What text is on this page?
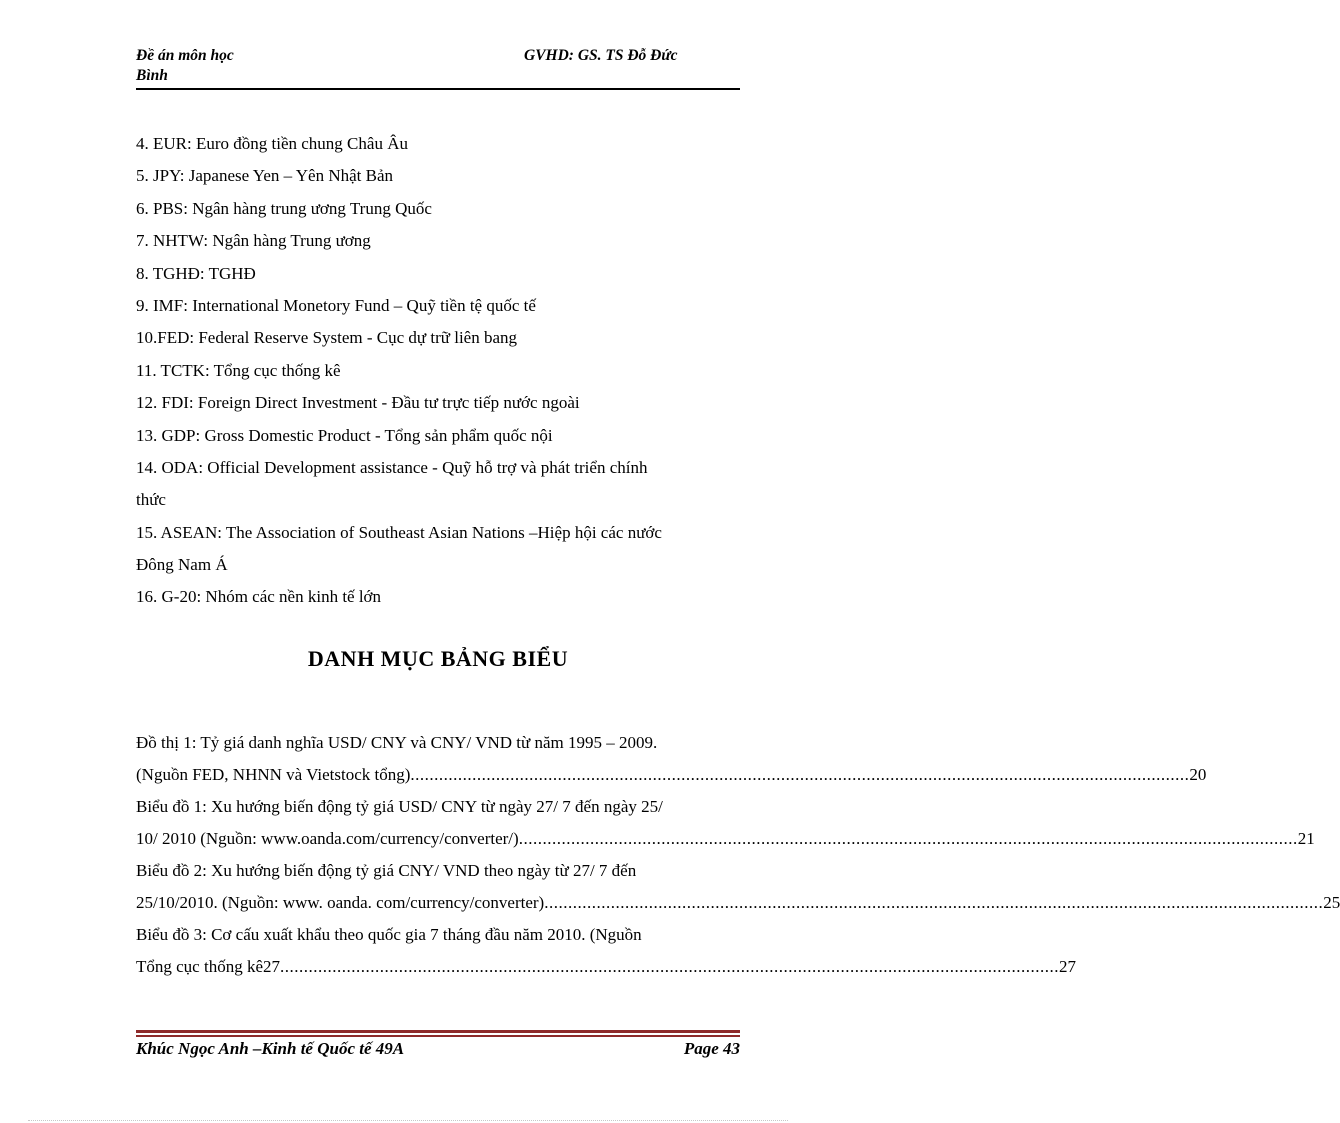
Đề án môn học
Bình
GVHD: GS. TS Đỗ Đức
4. EUR: Euro đồng tiền chung Châu Âu
5. JPY: Japanese Yen – Yên Nhật Bản
6. PBS: Ngân hàng trung ương Trung Quốc
7. NHTW: Ngân hàng Trung ương
8. TGHĐ: TGHĐ
9. IMF: International Monetory Fund – Quỹ tiền tệ quốc tế
10.FED: Federal Reserve System - Cục dự trữ liên bang
11. TCTK: Tổng cục thống kê
12. FDI: Foreign Direct Investment - Đầu tư trực tiếp nước ngoài
13. GDP: Gross Domestic Product - Tổng sản phẩm quốc nội
14. ODA: Official Development assistance - Quỹ hỗ trợ và phát triển chính
thức
15. ASEAN: The Association of Southeast Asian Nations –Hiệp hội các nước
Đông Nam Á
16. G-20: Nhóm các nền kinh tế lớn
DANH MỤC BẢNG BIỂU
Đồ thị 1: Tỷ giá danh nghĩa USD/ CNY và CNY/ VND từ năm 1995 – 2009.
(Nguồn FED, NHNN và Vietstock tổng) .................................................................................................................................................................... 20
Biểu đồ 1: Xu hướng biến động tỷ giá USD/ CNY từ ngày 27/ 7 đến ngày 25/
10/ 2010 (Nguồn: www.oanda.com/currency/converter/) .................................................................................................................................................................... 21
Biểu đồ 2: Xu hướng biến động tỷ giá CNY/ VND theo ngày từ 27/ 7 đến
25/10/2010. (Nguồn: www. oanda. com/currency/converter) .................................................................................................................................................................... 25
Biểu đồ 3: Cơ cấu xuất khẩu theo quốc gia 7 tháng đầu năm 2010. (Nguồn
Tổng cục thống kê27 .................................................................................................................................................................... 27
Khúc Ngọc Anh –Kinh tế Quốc tế 49A	Page 43
